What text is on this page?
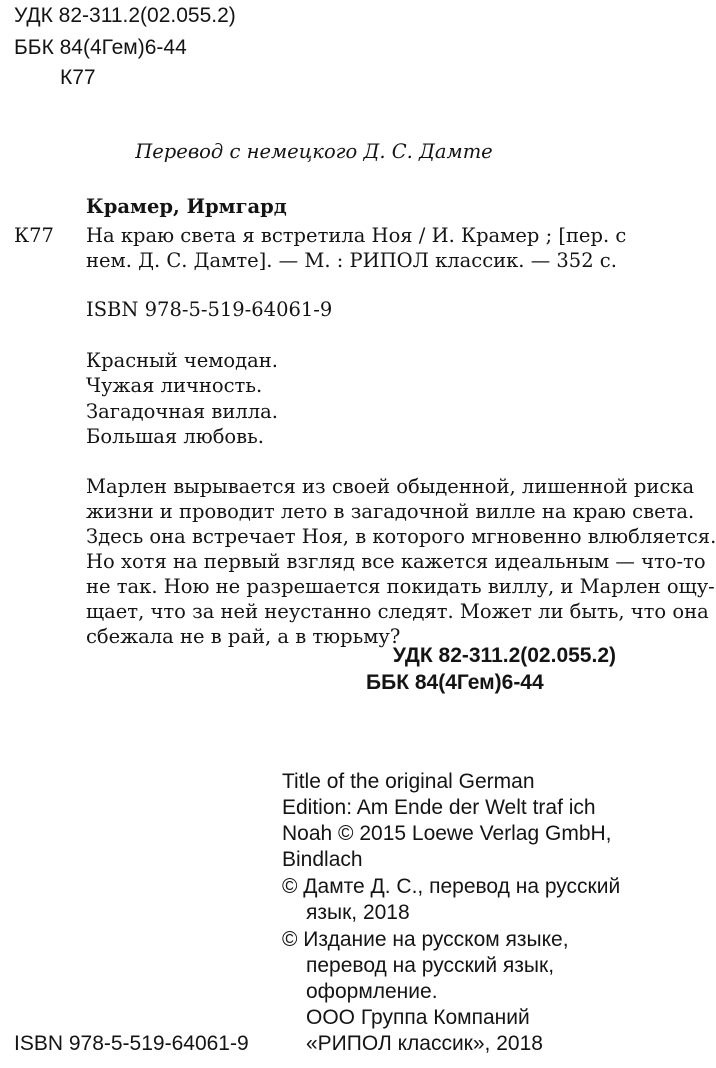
УДК 82-311.2(02.055.2)
ББК 84(4Гем)6-44
К77
Перевод с немецкого Д. С. Дамте
Крамер, Ирмгард
К77 На краю света я встретила Ноя / И. Крамер ; [пер. с
нем. Д. С. Дамте]. — М. : РИПОЛ классик. — 352 с.
ISBN 978-5-519-64061-9
Красный чемодан.
Чужая личность.
Загадочная вилла.
Большая любовь.
Марлен вырывается из своей обыденной, лишенной риска
жизни и проводит лето в загадочной вилле на краю света.
Здесь она встречает Ноя, в которого мгновенно влюбляется.
Но хотя на первый взгляд все кажется идеальным — что-то
не так. Ною не разрешается покидать виллу, и Марлен ощу-
щает, что за ней неустанно следят. Может ли быть, что она
сбежала не в рай, а в тюрьму?
УДК 82-311.2(02.055.2)
ББК 84(4Гем)6-44
Title of the original German
Edition: Am Ende der Welt traf ich
Noah © 2015 Loewe Verlag GmbH,
Bindlach
© Дамте Д. С., перевод на русский
язык, 2018
© Издание на русском языке,
перевод на русский язык,
оформление.
ООО Группа Компаний
«РИПОЛ классик», 2018
ISBN 978-5-519-64061-9
